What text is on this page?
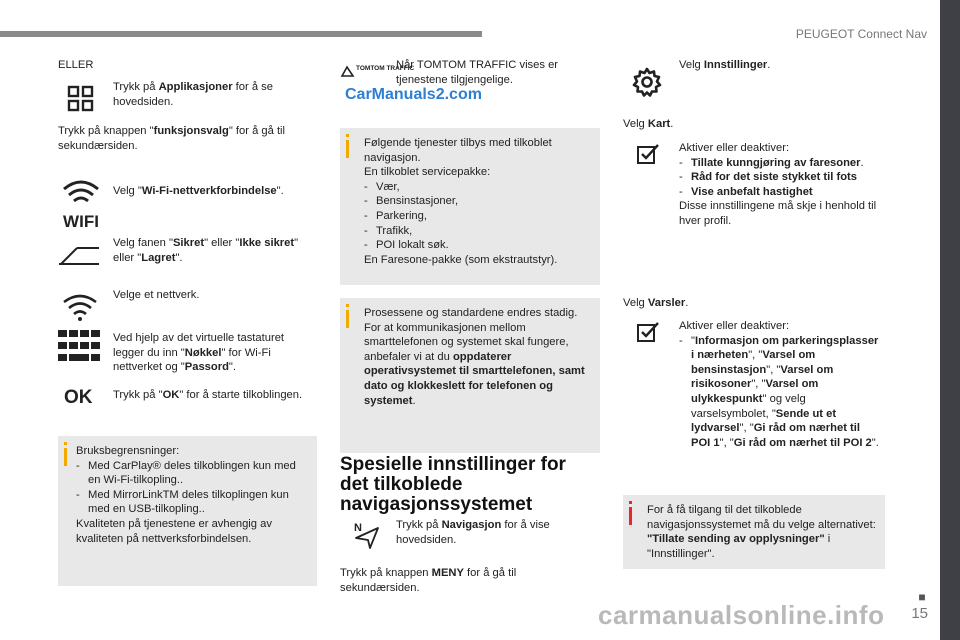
PEUGEOT Connect Nav
■
15
ELLER
Trykk på Applikasjoner for å se hovedsiden.
Trykk på knappen "funksjonsvalg" for å gå til sekundærsiden.
WIFI
Velg "Wi-Fi-nettverkforbindelse".
Velg fanen "Sikret" eller "Ikke sikret" eller "Lagret".
Velge et nettverk.
Ved hjelp av det virtuelle tastaturet legger du inn "Nøkkel" for Wi-Fi nettverket og "Passord".
OK Trykk på "OK" for å starte tilkoblingen.
Bruksbegrensninger:
- Med CarPlay® deles tilkoblingen kun med en Wi-Fi-tilkopling..
- Med MirrorLinkTM deles tilkoplingen kun med en USB-tilkopling..
Kvaliteten på tjenestene er avhengig av kvaliteten på nettverksforbindelsen.
TOMTOM TRAFFIC
Når TOMTOM TRAFFIC vises er tjenestene tilgjengelige.
CarManuals2.com
Følgende tjenester tilbys med tilkoblet navigasjon.
En tilkoblet servicepakke:
- Vær,
- Bensinstasjoner,
- Parkering,
- Trafikk,
- POI lokalt søk.
En Faresone-pakke (som ekstrautstyr).
Prosessene og standardene endres stadig. For at kommunikasjonen mellom smarttelefonen og systemet skal fungere, anbefaler vi at du oppdaterer operativsystemet til smarttelefonen, samt dato og klokkeslett for telefonen og systemet.
Spesielle innstillinger for det tilkoblede navigasjonssystemet
N	Trykk på Navigasjon for å vise hovedsiden.
Trykk på knappen MENY for å gå til sekundærsiden.
Velg Innstillinger.
Velg Kart.
Aktiver eller deaktiver:
- Tillate kunngjøring av faresoner.
- Råd for det siste stykket til fots
- Vise anbefalt hastighet
Disse innstillingene må skje i henhold til hver profil.
Velg Varsler.
Aktiver eller deaktiver:
- "Informasjon om parkeringsplasser i nærheten", "Varsel om bensinstasjon", "Varsel om risikosoner", "Varsel om ulykkespunkt" og velg varselsymbolet, "Sende ut et lydvarsel", "Gi råd om nærhet til POI 1", "Gi råd om nærhet til POI 2".
For å få tilgang til det tilkoblede navigasjonssystemet må du velge alternativet: "Tillate sending av opplysninger" i "Innstillinger".
carmanualsonline.info
